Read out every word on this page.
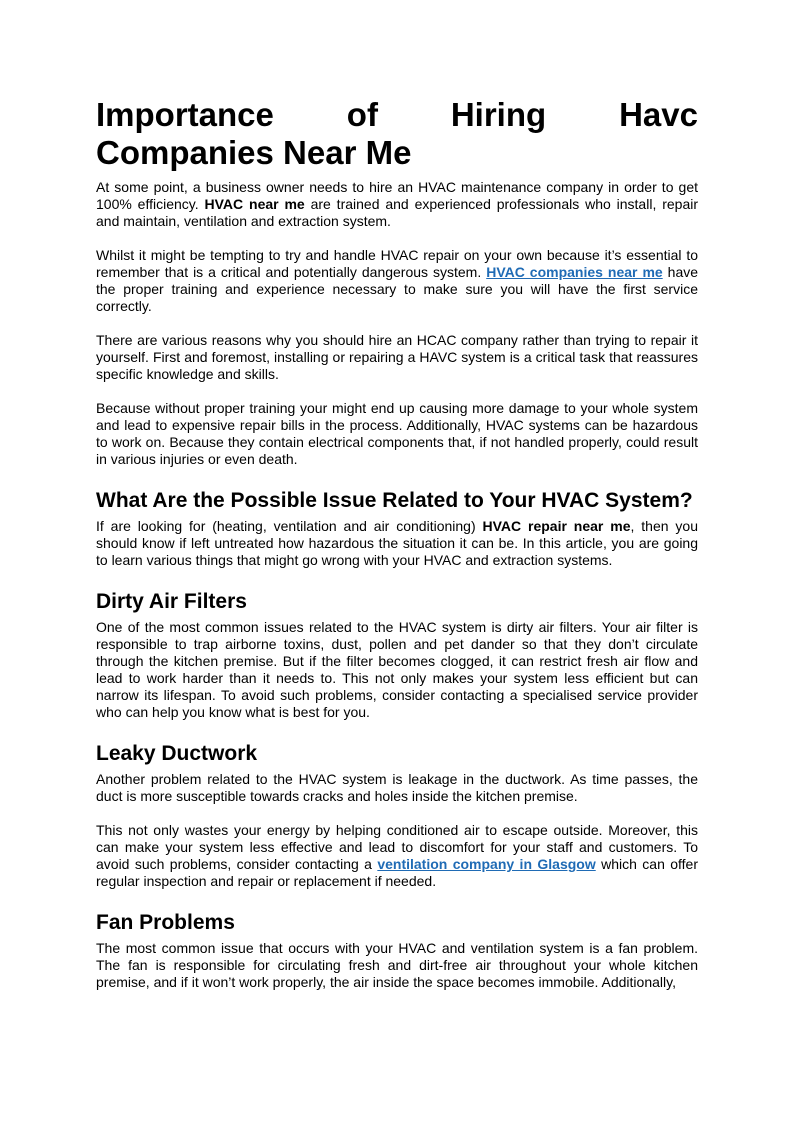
Importance of Hiring Havc
Companies Near Me

At some point, a business owner needs to hire an HVAC maintenance company in order to get 100% efficiency. HVAC near me are trained and experienced professionals who install, repair and maintain, ventilation and extraction system.

Whilst it might be tempting to try and handle HVAC repair on your own because it’s essential to remember that is a critical and potentially dangerous system. HVAC companies near me have the proper training and experience necessary to make sure you will have the first service correctly.

There are various reasons why you should hire an HCAC company rather than trying to repair it yourself. First and foremost, installing or repairing a HAVC system is a critical task that reassures specific knowledge and skills.

Because without proper training your might end up causing more damage to your whole system and lead to expensive repair bills in the process. Additionally, HVAC systems can be hazardous to work on. Because they contain electrical components that, if not handled properly, could result in various injuries or even death.

What Are the Possible Issue Related to Your HVAC System?

If are looking for (heating, ventilation and air conditioning) HVAC repair near me, then you should know if left untreated how hazardous the situation it can be. In this article, you are going to learn various things that might go wrong with your HVAC and extraction systems.

Dirty Air Filters

One of the most common issues related to the HVAC system is dirty air filters. Your air filter is responsible to trap airborne toxins, dust, pollen and pet dander so that they don’t circulate through the kitchen premise. But if the filter becomes clogged, it can restrict fresh air flow and lead to work harder than it needs to. This not only makes your system less efficient but can narrow its lifespan. To avoid such problems, consider contacting a specialised service provider who can help you know what is best for you.

Leaky Ductwork

Another problem related to the HVAC system is leakage in the ductwork. As time passes, the duct is more susceptible towards cracks and holes inside the kitchen premise.

This not only wastes your energy by helping conditioned air to escape outside. Moreover, this can make your system less effective and lead to discomfort for your staff and customers. To avoid such problems, consider contacting a ventilation company in Glasgow which can offer regular inspection and repair or replacement if needed.

Fan Problems

The most common issue that occurs with your HVAC and ventilation system is a fan problem. The fan is responsible for circulating fresh and dirt-free air throughout your whole kitchen premise, and if it won’t work properly, the air inside the space becomes immobile. Additionally,
